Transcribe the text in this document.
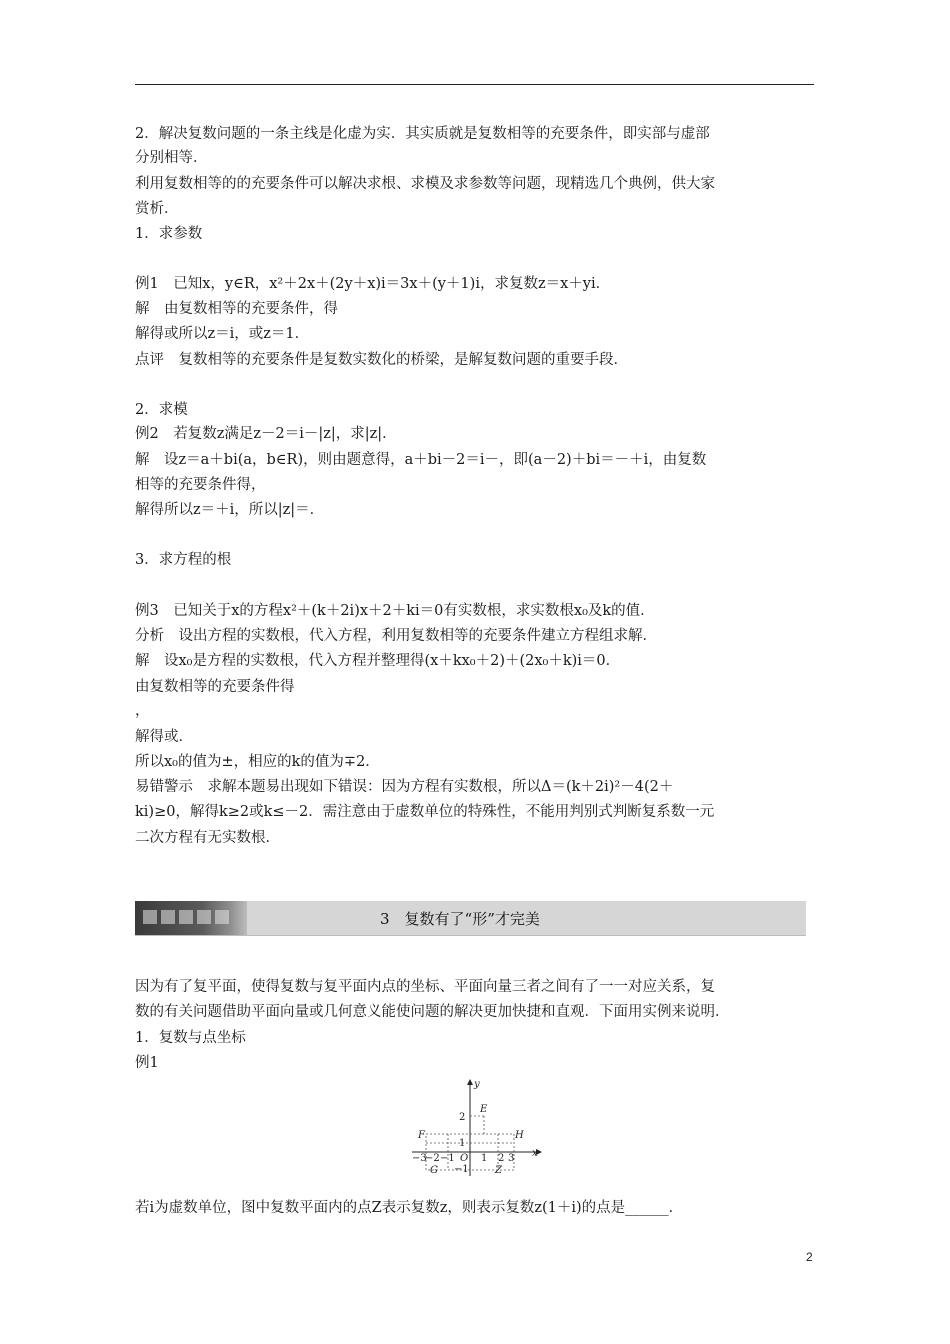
2．解决复数问题的一条主线是化虚为实．其实质就是复数相等的充要条件，即实部与虚部
分别相等．
利用复数相等的的充要条件可以解决求根、求模及求参数等问题，现精选几个典例，供大家
赏析．
1．求参数
例1　已知x，y∈R，x²＋2x＋(2y＋x)i＝3x＋(y＋1)i，求复数z＝x＋yi．
解　由复数相等的充要条件，得
解得或所以z＝i，或z＝1．
点评　复数相等的充要条件是复数实数化的桥梁，是解复数问题的重要手段．
2．求模
例2　若复数z满足z－2＝i－|z|，求|z|．
解　设z＝a＋bi(a，b∈R)，则由题意得，a＋bi－2＝i－，即(a－2)＋bi＝－＋i，由复数
相等的充要条件得，
解得所以z＝＋i，所以|z|＝．
3．求方程的根
例3　已知关于x的方程x²＋(k＋2i)x＋2＋ki＝0有实数根，求实数根x₀及k的值．
分析　设出方程的实数根，代入方程，利用复数相等的充要条件建立方程组求解．
解　设x₀是方程的实数根，代入方程并整理得(x＋kx₀＋2)＋(2x₀＋k)i＝0．
由复数相等的充要条件得
，
解得或．
所以x₀的值为±，相应的k的值为∓2．
易错警示　求解本题易出现如下错误：因为方程有实数根，所以Δ＝(k＋2i)²－4(2＋
ki)≥0，解得k≥2或k≤－2．需注意由于虚数单位的特殊性，不能用判别式判断复系数一元
二次方程有无实数根．
3　复数有了“形”才完美
因为有了复平面，使得复数与复平面内点的坐标、平面向量三者之间有了一一对应关系，复
数的有关问题借助平面向量或几何意义能使问题的解决更加快捷和直观．下面用实例来说明．
1．复数与点坐标
例1
y
x
O
2
1
−1
−3
−2 −1	1 2 3
E
F
G
H
Z
若i为虚数单位，图中复数平面内的点Z表示复数z，则表示复数z(1＋i)的点是______．
2
